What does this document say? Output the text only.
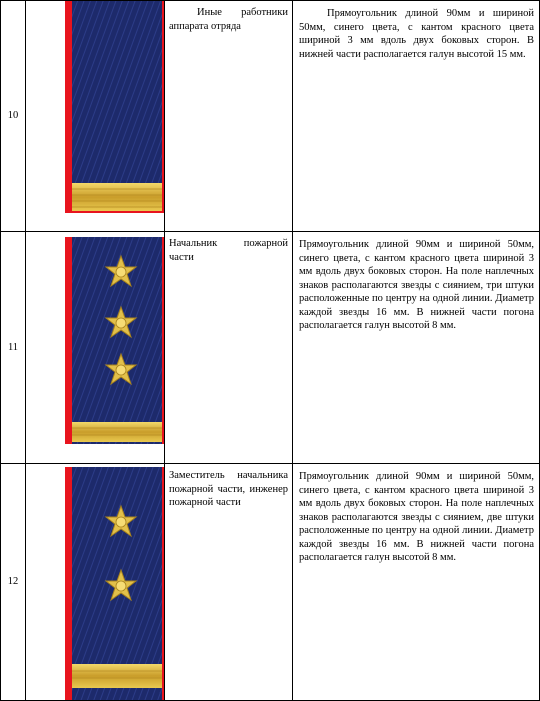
10		Иные работники аппарата отряда	Прямоугольник длиной 90мм и шириной 50мм, синего цвета, с кантом красного цвета шириной 3 мм вдоль двух боковых сторон. В нижней части располагается галун высотой 15 мм.

11		Начальник пожарной части	Прямоугольник длиной 90мм и шириной 50мм, синего цвета, с кантом красного цвета шириной 3 мм вдоль двух боковых сторон. На поле наплечных знаков располагаются звезды с сиянием, три штуки расположенные по центру на одной линии. Диаметр каждой звезды 16 мм. В нижней части погона располагается галун высотой 8 мм.

12		Заместитель начальника пожарной части, инженер пожарной части	Прямоугольник длиной 90мм и шириной 50мм, синего цвета, с кантом красного цвета шириной 3 мм вдоль двух боковых сторон. На поле наплечных знаков располагаются звезды с сиянием, две штуки расположенные по центру на одной линии. Диаметр каждой звезды 16 мм. В нижней части погона располагается галун высотой 8 мм.
